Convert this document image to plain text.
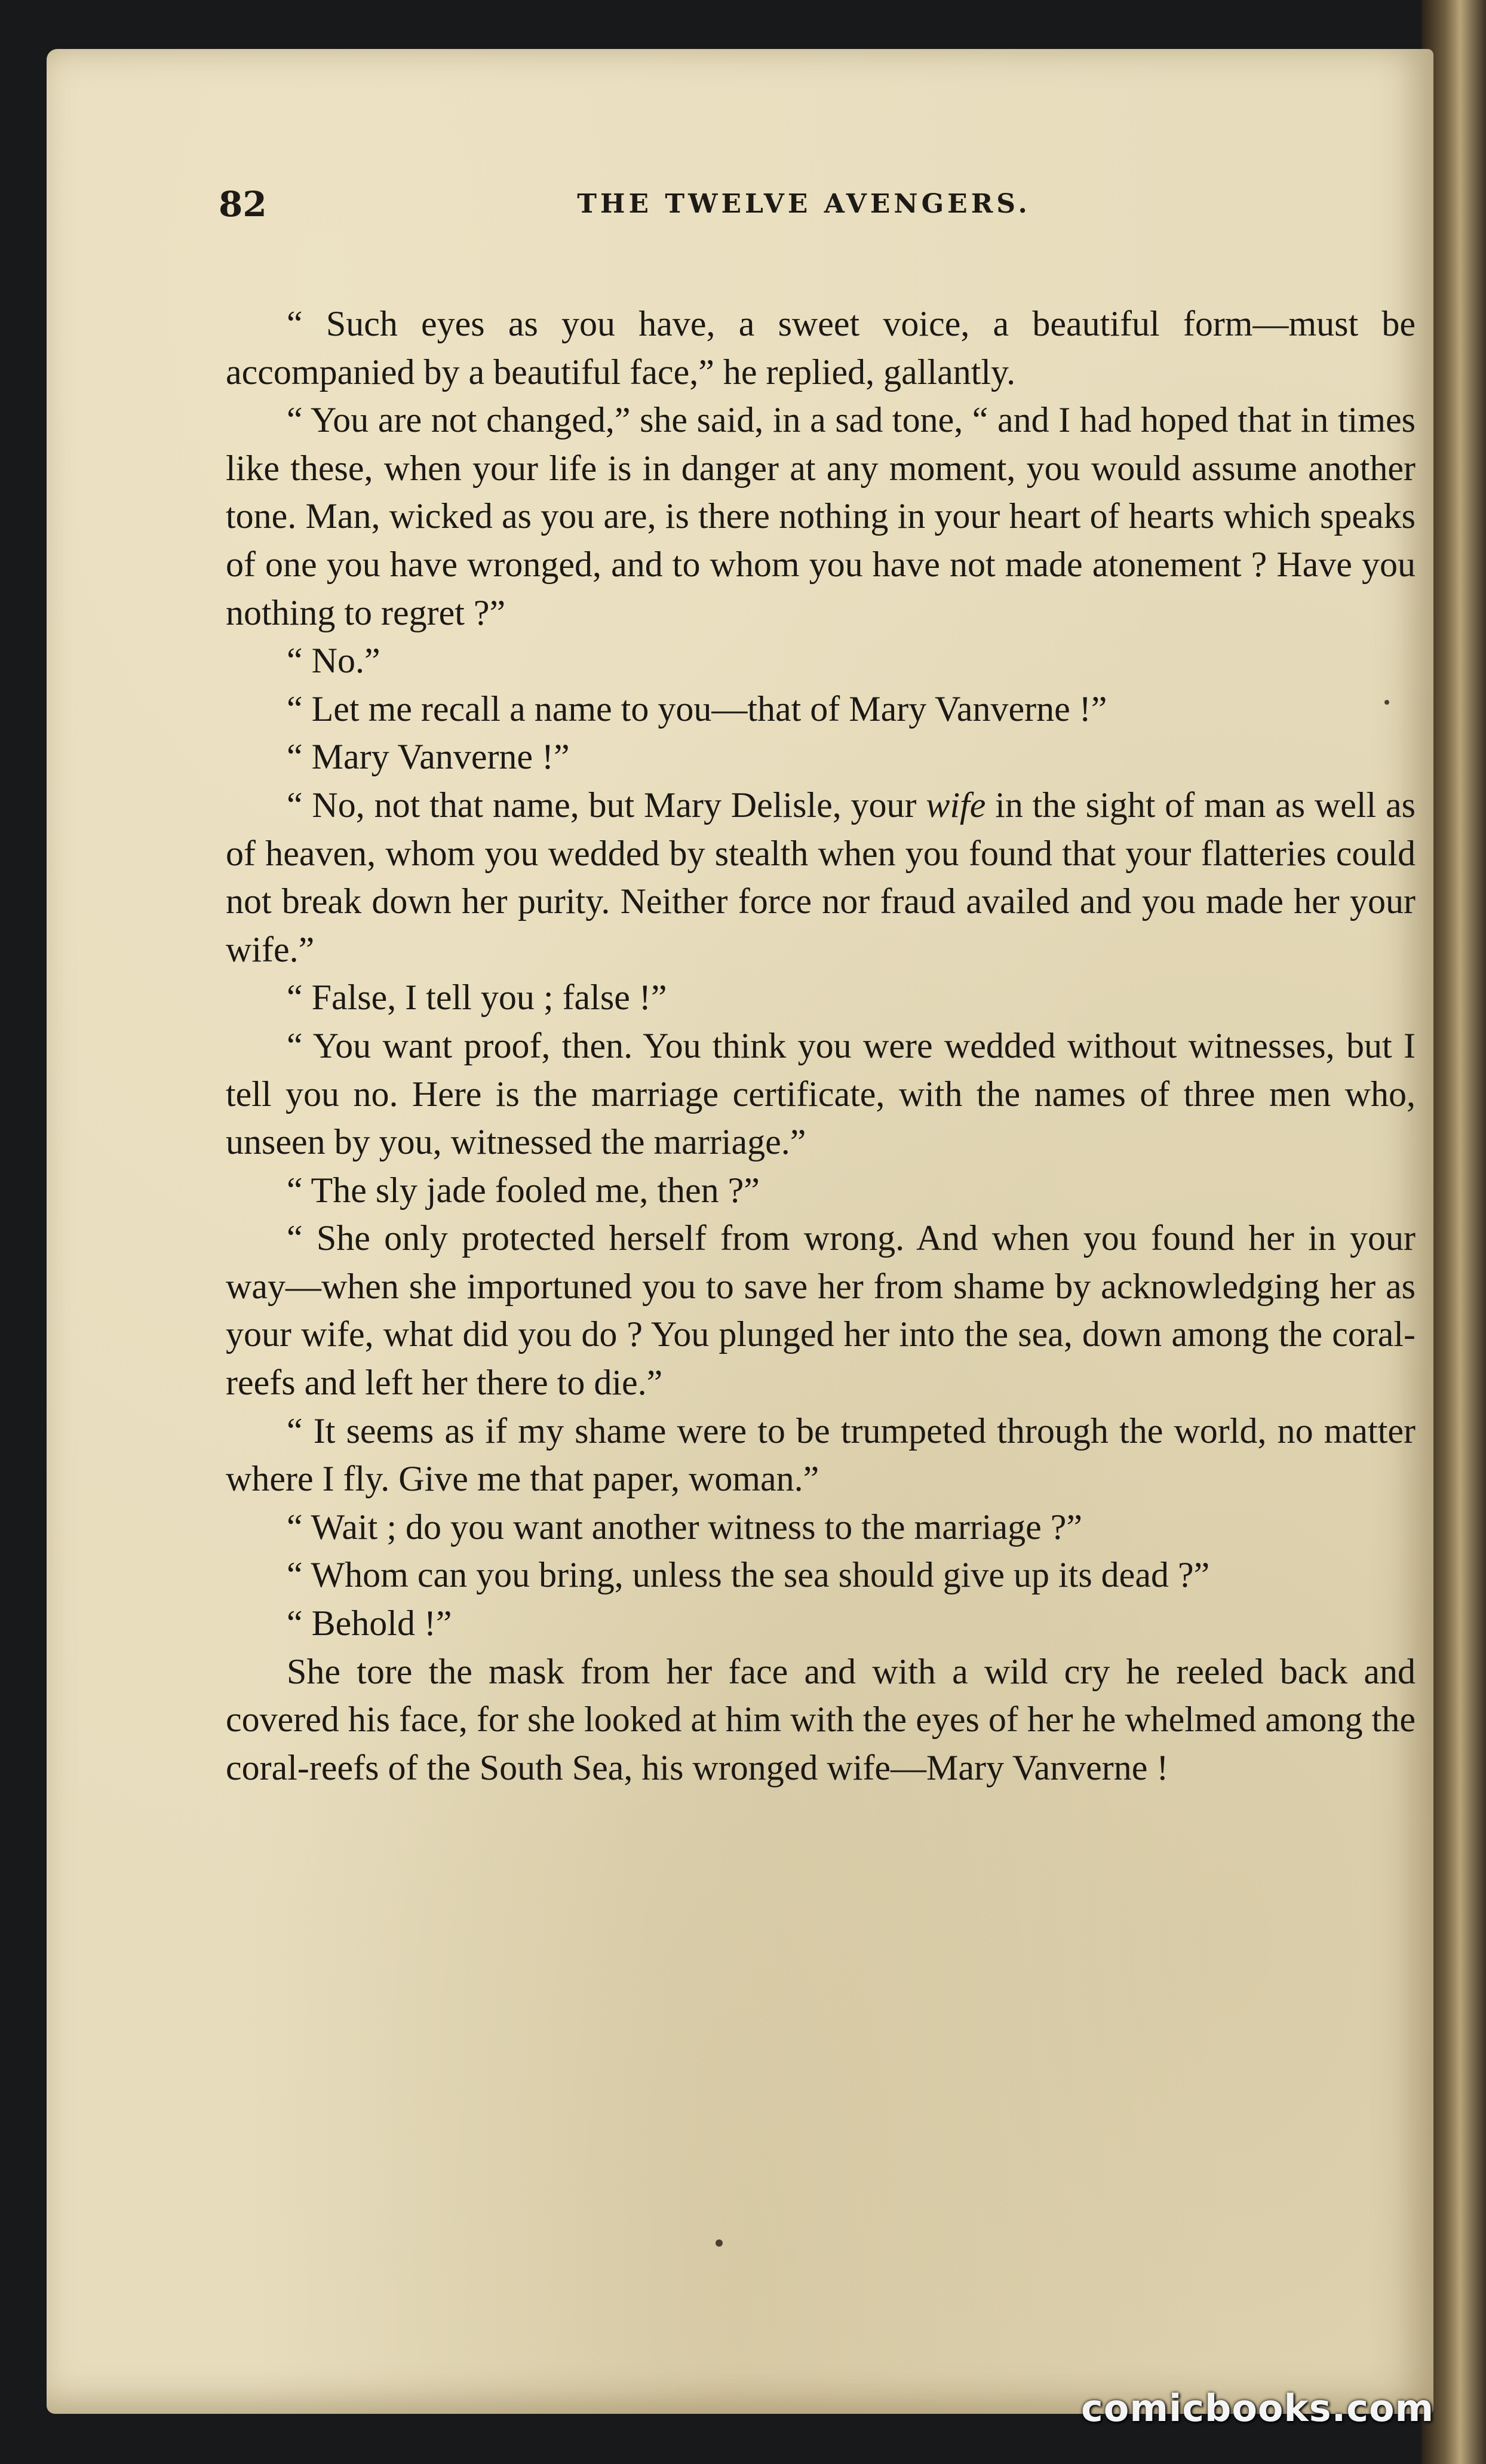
82	THE TWELVE AVENGERS.

“ Such eyes as you have, a sweet voice, a beautiful form—must be accompanied by a beautiful face,” he replied, gallantly.

“ You are not changed,” she said, in a sad tone, “ and I had hoped that in times like these, when your life is in danger at any moment, you would assume another tone. Man, wicked as you are, is there nothing in your heart of hearts which speaks of one you have wronged, and to whom you have not made atonement ? Have you nothing to regret ?”

“ No.”

“ Let me recall a name to you—that of Mary Vanverne !”

“ Mary Vanverne !”

“ No, not that name, but Mary Delisle, your wife in the sight of man as well as of heaven, whom you wedded by stealth when you found that your flatteries could not break down her purity. Neither force nor fraud availed and you made her your wife.”

“ False, I tell you ; false !”

“ You want proof, then. You think you were wedded without witnesses, but I tell you no. Here is the marriage certificate, with the names of three men who, unseen by you, witnessed the marriage.”

“ The sly jade fooled me, then ?”

“ She only protected herself from wrong. And when you found her in your way—when she importuned you to save her from shame by acknowledging her as your wife, what did you do ? You plunged her into the sea, down among the coral-reefs and left her there to die.”

“ It seems as if my shame were to be trumpeted through the world, no matter where I fly. Give me that paper, woman.”

“ Wait ; do you want another witness to the marriage ?”

“ Whom can you bring, unless the sea should give up its dead ?”

“ Behold !”

She tore the mask from her face and with a wild cry he reeled back and covered his face, for she looked at him with the eyes of her he whelmed among the coral-reefs of the South Sea, his wronged wife—Mary Vanverne !

comicbooks.com
